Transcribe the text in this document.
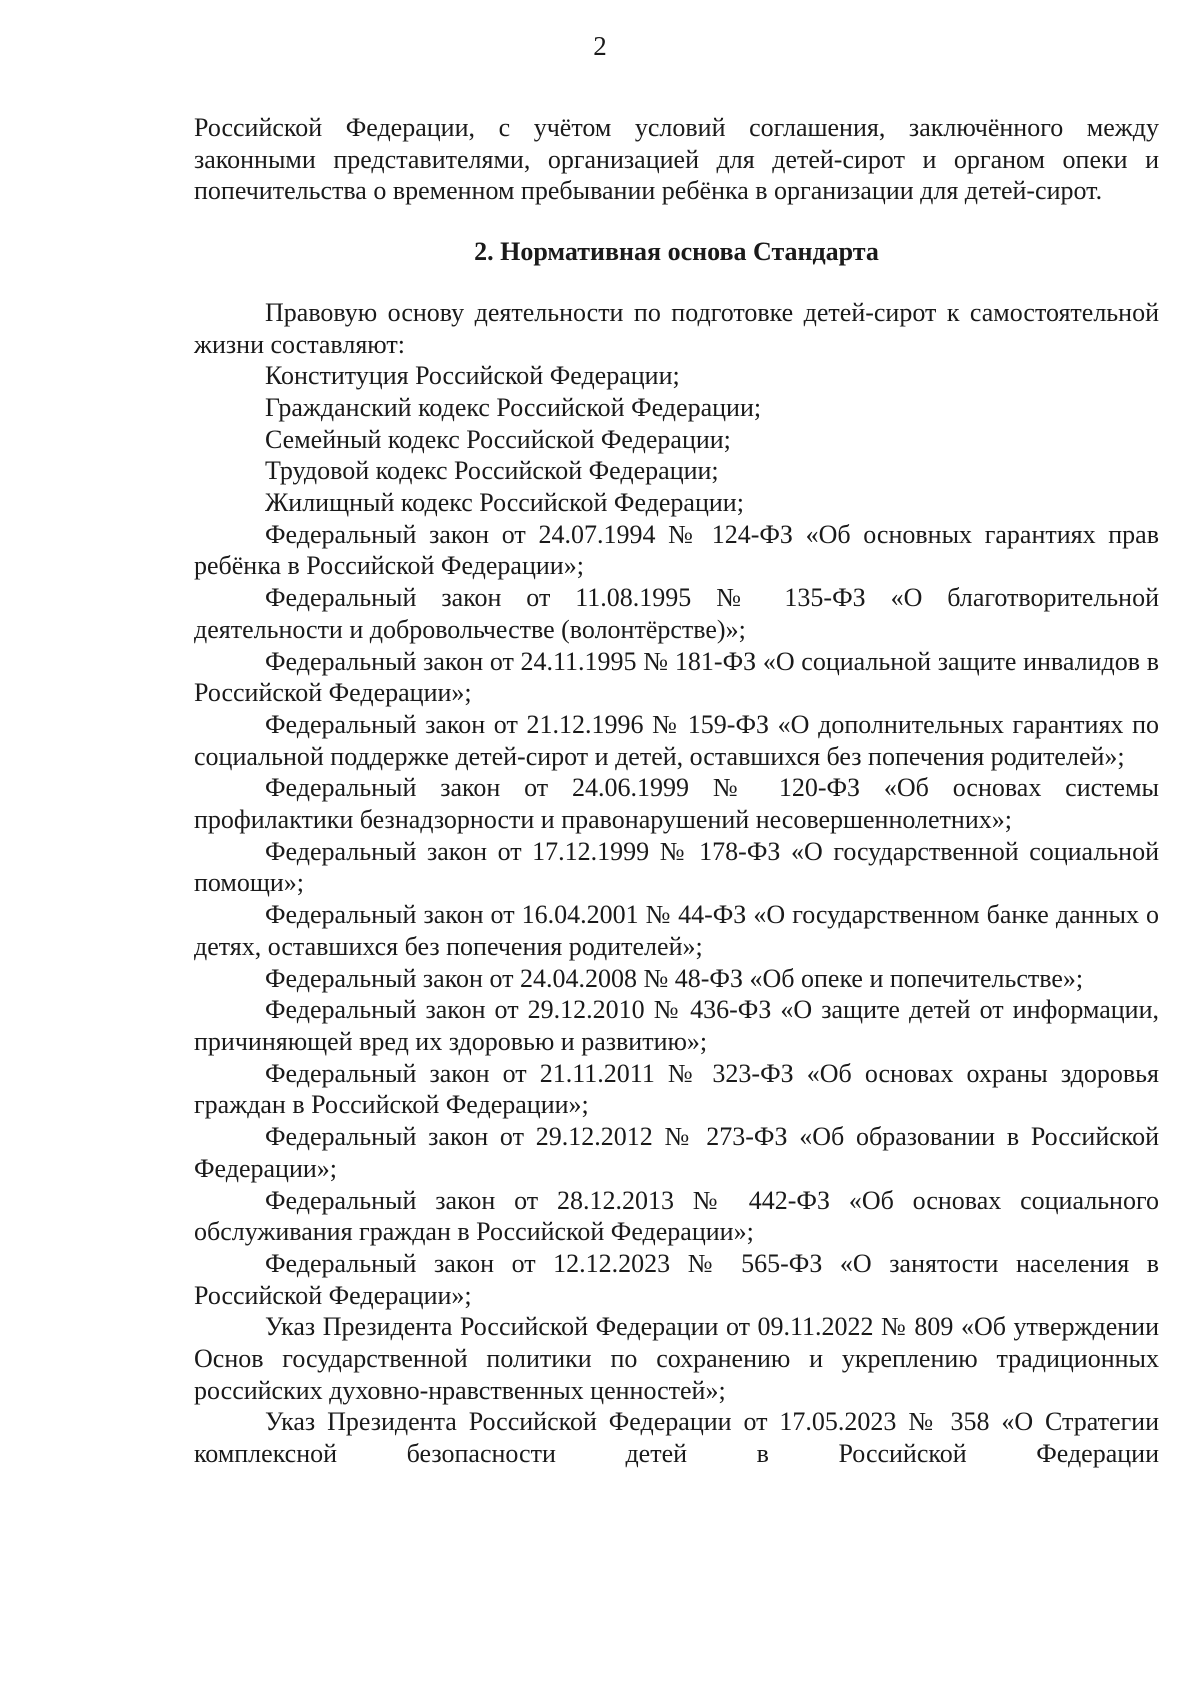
2

Российской Федерации, с учётом условий соглашения, заключённого между законными представителями, организацией для детей-сирот и органом опеки и попечительства о временном пребывании ребёнка в организации для детей-сирот.

2. Нормативная основа Стандарта

Правовую основу деятельности по подготовке детей-сирот к самостоятельной жизни составляют:

Конституция Российской Федерации;

Гражданский кодекс Российской Федерации;

Семейный кодекс Российской Федерации;

Трудовой кодекс Российской Федерации;

Жилищный кодекс Российской Федерации;

Федеральный закон от 24.07.1994 № 124-ФЗ «Об основных гарантиях прав ребёнка в Российской Федерации»;

Федеральный закон от 11.08.1995 № 135-ФЗ «О благотворительной деятельности и добровольчестве (волонтёрстве)»;

Федеральный закон от 24.11.1995 № 181-ФЗ «О социальной защите инвалидов в Российской Федерации»;

Федеральный закон от 21.12.1996 № 159-ФЗ «О дополнительных гарантиях по социальной поддержке детей-сирот и детей, оставшихся без попечения родителей»;

Федеральный закон от 24.06.1999 № 120-ФЗ «Об основах системы профилактики безнадзорности и правонарушений несовершеннолетних»;

Федеральный закон от 17.12.1999 № 178-ФЗ «О государственной социальной помощи»;

Федеральный закон от 16.04.2001 № 44-ФЗ «О государственном банке данных о детях, оставшихся без попечения родителей»;

Федеральный закон от 24.04.2008 № 48-ФЗ «Об опеке и попечительстве»;

Федеральный закон от 29.12.2010 № 436-ФЗ «О защите детей от информации, причиняющей вред их здоровью и развитию»;

Федеральный закон от 21.11.2011 № 323-ФЗ «Об основах охраны здоровья граждан в Российской Федерации»;

Федеральный закон от 29.12.2012 № 273-ФЗ «Об образовании в Российской Федерации»;

Федеральный закон от 28.12.2013 № 442-ФЗ «Об основах социального обслуживания граждан в Российской Федерации»;

Федеральный закон от 12.12.2023 № 565-ФЗ «О занятости населения в Российской Федерации»;

Указ Президента Российской Федерации от 09.11.2022 № 809 «Об утверждении Основ государственной политики по сохранению и укреплению традиционных российских духовно-нравственных ценностей»;

Указ Президента Российской Федерации от 17.05.2023 № 358 «О Стратегии комплексной безопасности детей в Российской Федерации
